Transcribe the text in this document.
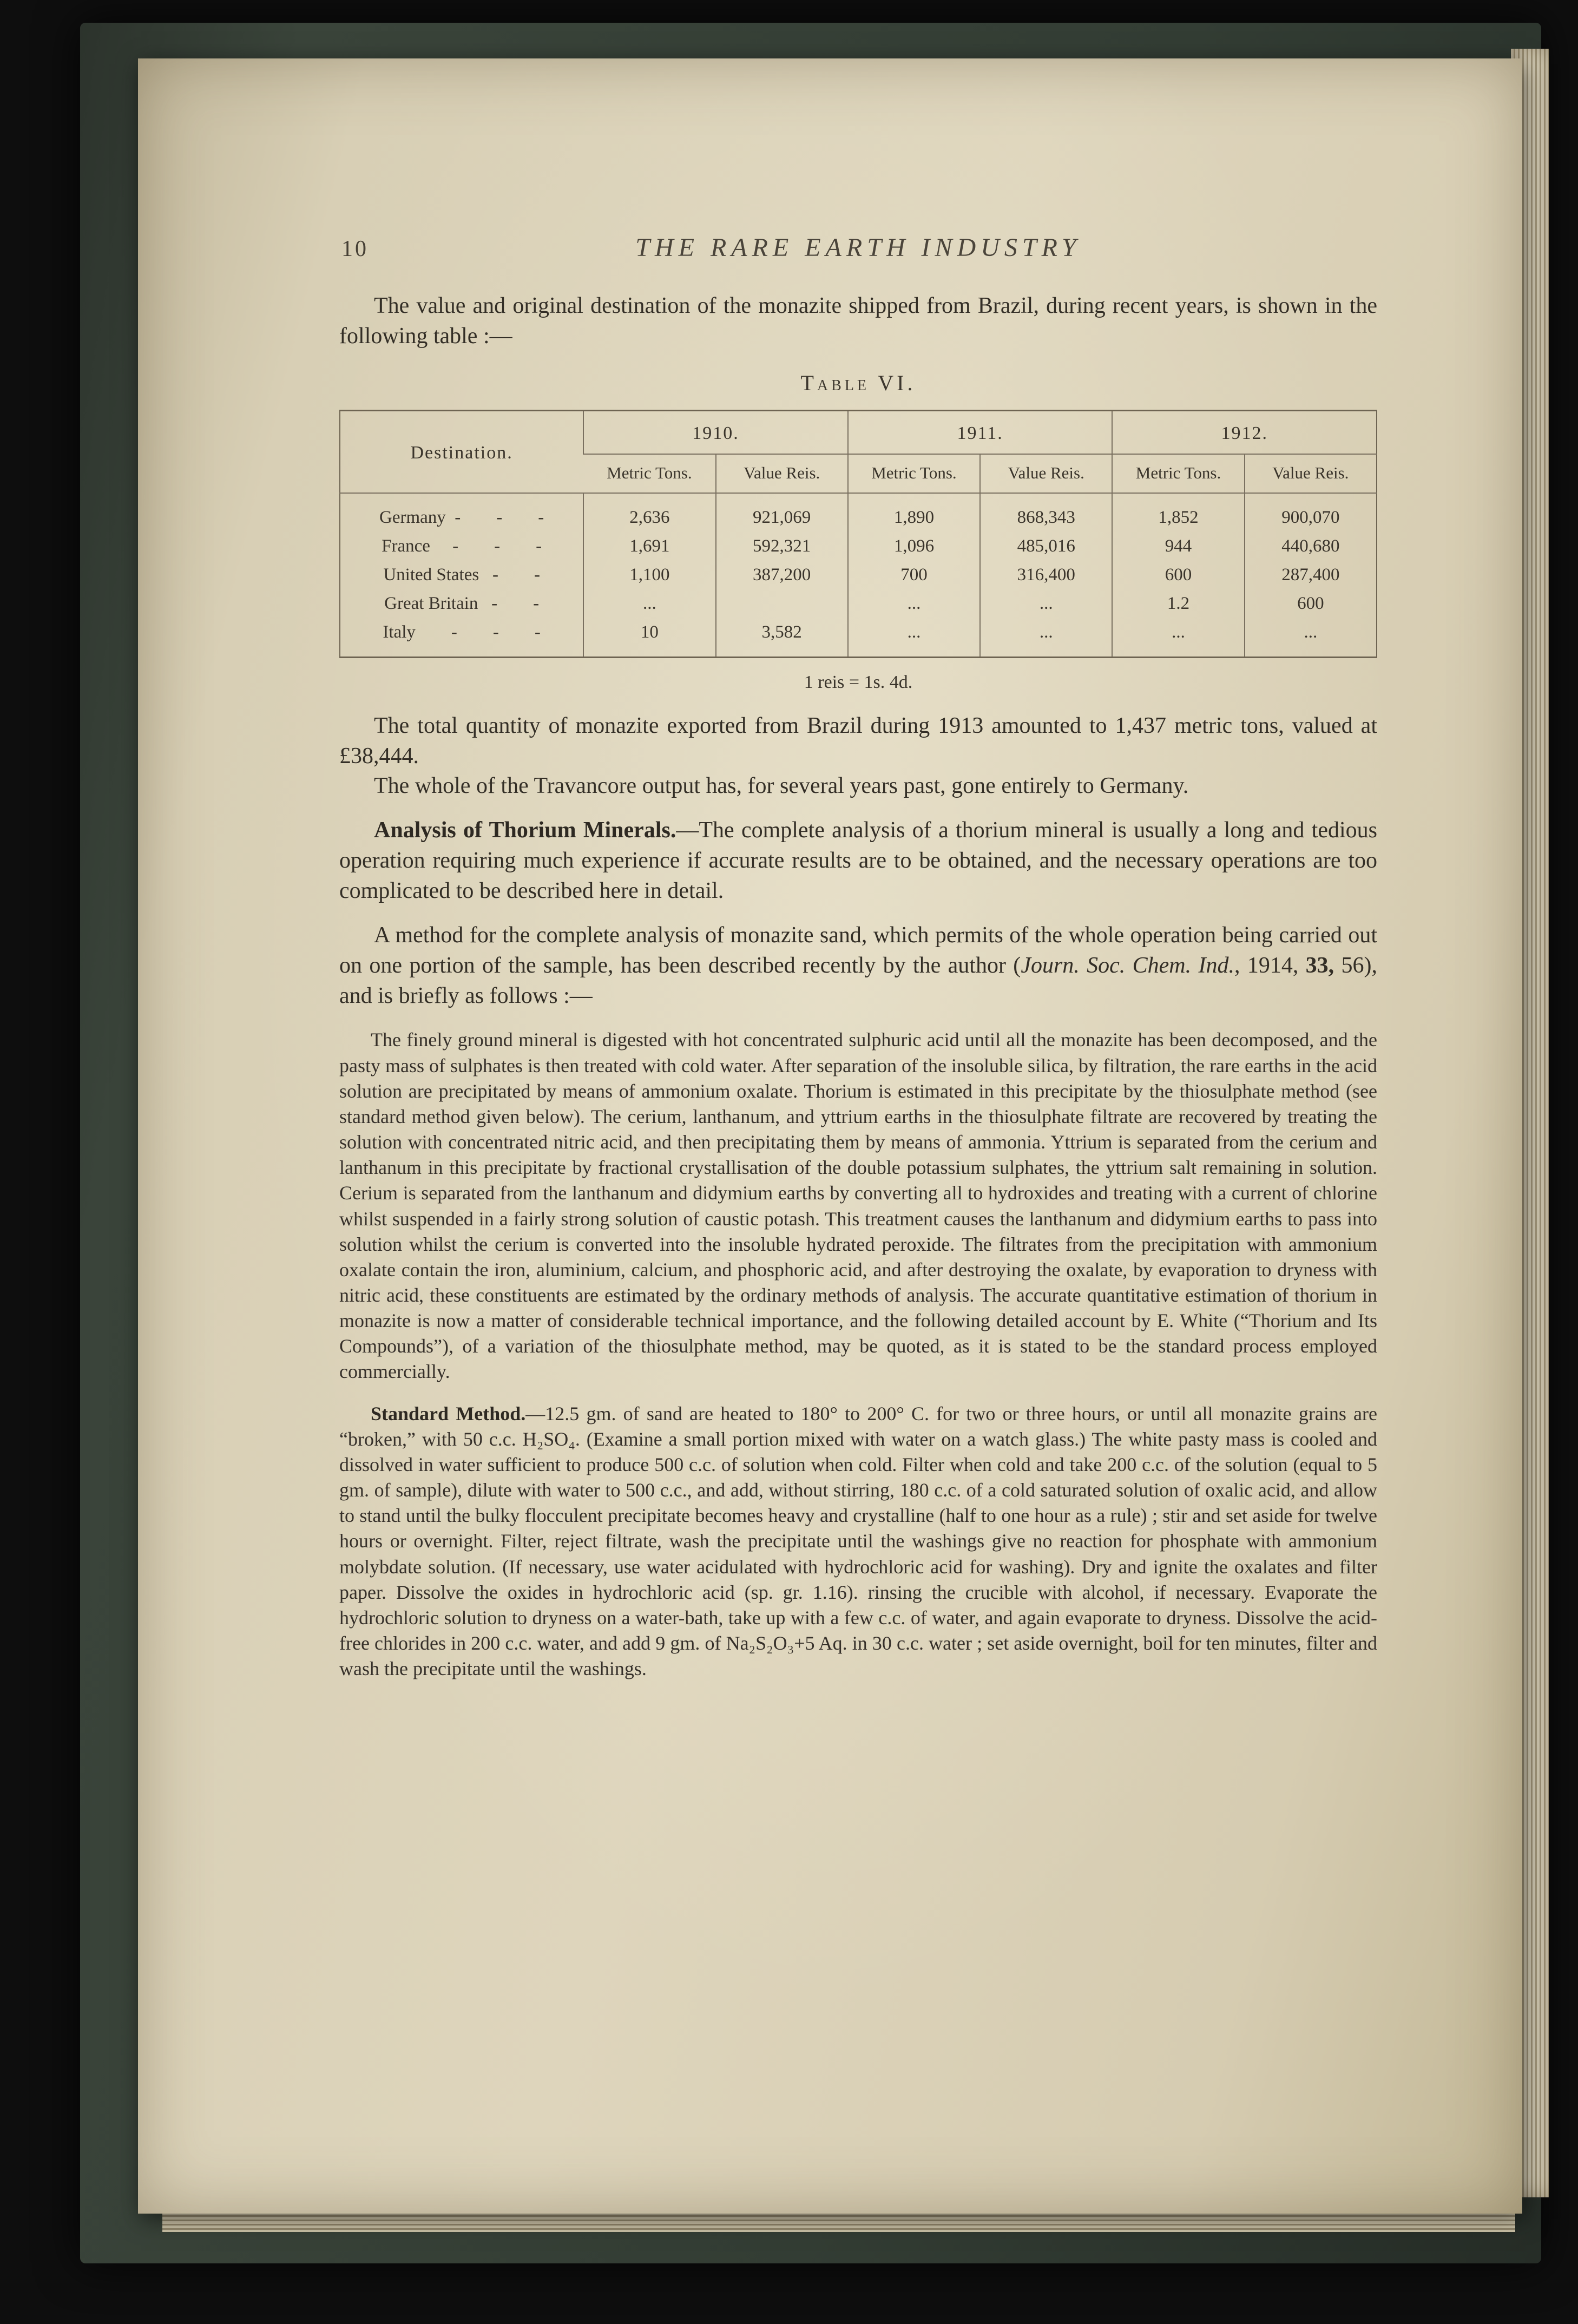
10	THE RARE EARTH INDUSTRY

The value and original destination of the monazite shipped from Brazil, during recent years, is shown in the following table :—

Table VI.
Destination.	1910.		1911.		1912.	
	Metric Tons.	Value Reis.	Metric Tons.	Value Reis.	Metric Tons.	Value Reis.
Germany  -        -        -	2,636	921,069	1,890	868,343	1,852	900,070
France     -        -        -	1,691	592,321	1,096	485,016	944	440,680
United States   -        -	1,100	387,200	700	316,400	600	287,400
Great Britain   -        -	...		...	...	1.2	600
Italy        -        -        -	10	3,582	...	...	...	...
1 reis = 1s. 4d.

The total quantity of monazite exported from Brazil during 1913 amounted to 1,437 metric tons, valued at £38,444.

The whole of the Travancore output has, for several years past, gone entirely to Germany.

Analysis of Thorium Minerals.—The complete analysis of a thorium mineral is usually a long and tedious operation requiring much experience if accurate results are to be obtained, and the necessary operations are too complicated to be described here in detail.

A method for the complete analysis of monazite sand, which permits of the whole operation being carried out on one portion of the sample, has been described recently by the author (Journ. Soc. Chem. Ind., 1914, 33, 56), and is briefly as follows :—

The finely ground mineral is digested with hot concentrated sulphuric acid until all the monazite has been decomposed, and the pasty mass of sulphates is then treated with cold water. After separation of the insoluble silica, by filtration, the rare earths in the acid solution are precipitated by means of ammonium oxalate. Thorium is estimated in this precipitate by the thiosulphate method (see standard method given below). The cerium, lanthanum, and yttrium earths in the thiosulphate filtrate are recovered by treating the solution with concentrated nitric acid, and then precipitating them by means of ammonia. Yttrium is separated from the cerium and lanthanum in this precipitate by fractional crystallisation of the double potassium sulphates, the yttrium salt remaining in solution. Cerium is separated from the lanthanum and didymium earths by converting all to hydroxides and treating with a current of chlorine whilst suspended in a fairly strong solution of caustic potash. This treatment causes the lanthanum and didymium earths to pass into solution whilst the cerium is converted into the insoluble hydrated peroxide. The filtrates from the precipitation with ammonium oxalate contain the iron, aluminium, calcium, and phosphoric acid, and after destroying the oxalate, by evaporation to dryness with nitric acid, these constituents are estimated by the ordinary methods of analysis. The accurate quantitative estimation of thorium in monazite is now a matter of considerable technical importance, and the following detailed account by E. White (“Thorium and Its Compounds”), of a variation of the thiosulphate method, may be quoted, as it is stated to be the standard process employed commercially.

Standard Method.—12.5 gm. of sand are heated to 180° to 200° C. for two or three hours, or until all monazite grains are “broken,” with 50 c.c. H₂SO₄. (Examine a small portion mixed with water on a watch glass.) The white pasty mass is cooled and dissolved in water sufficient to produce 500 c.c. of solution when cold. Filter when cold and take 200 c.c. of the solution (equal to 5 gm. of sample), dilute with water to 500 c.c., and add, without stirring, 180 c.c. of a cold saturated solution of oxalic acid, and allow to stand until the bulky flocculent precipitate becomes heavy and crystalline (half to one hour as a rule) ; stir and set aside for twelve hours or overnight. Filter, reject filtrate, wash the precipitate until the washings give no reaction for phosphate with ammonium molybdate solution. (If necessary, use water acidulated with hydrochloric acid for washing). Dry and ignite the oxalates and filter paper. Dissolve the oxides in hydrochloric acid (sp. gr. 1.16). rinsing the crucible with alcohol, if necessary. Evaporate the hydrochloric solution to dryness on a water-bath, take up with a few c.c. of water, and again evaporate to dryness. Dissolve the acid-free chlorides in 200 c.c. water, and add 9 gm. of Na₂S₂O₃+5 Aq. in 30 c.c. water ; set aside overnight, boil for ten minutes, filter and wash the precipitate until the washings.
